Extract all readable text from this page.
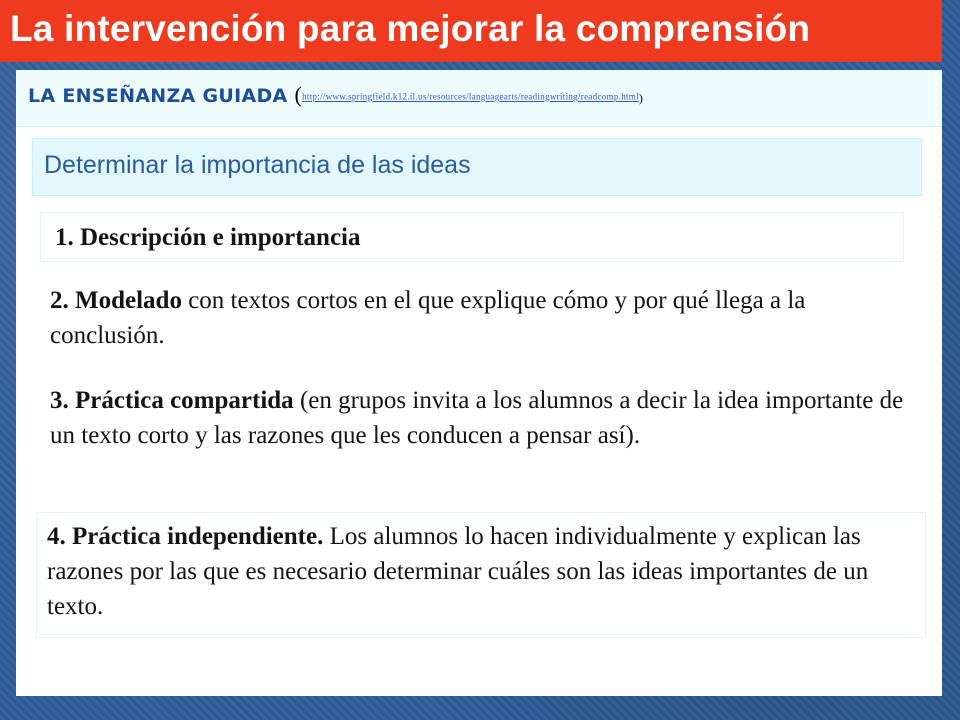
La intervención para mejorar la comprensión
LA ENSEÑANZA GUIADA (http://www.springfield.k12.il.us/resources/languagearts/readingwriting/readcomp.html)
Determinar la importancia de las ideas
1. Descripción e importancia
2. Modelado con textos cortos en el que explique cómo y por qué llega a la conclusión.
3. Práctica compartida (en grupos invita a los alumnos a decir la idea importante de un texto corto y las razones que les conducen a pensar así).
4. Práctica independiente. Los alumnos lo hacen individualmente y explican las razones por las que es necesario determinar cuáles son las ideas importantes de un texto.
